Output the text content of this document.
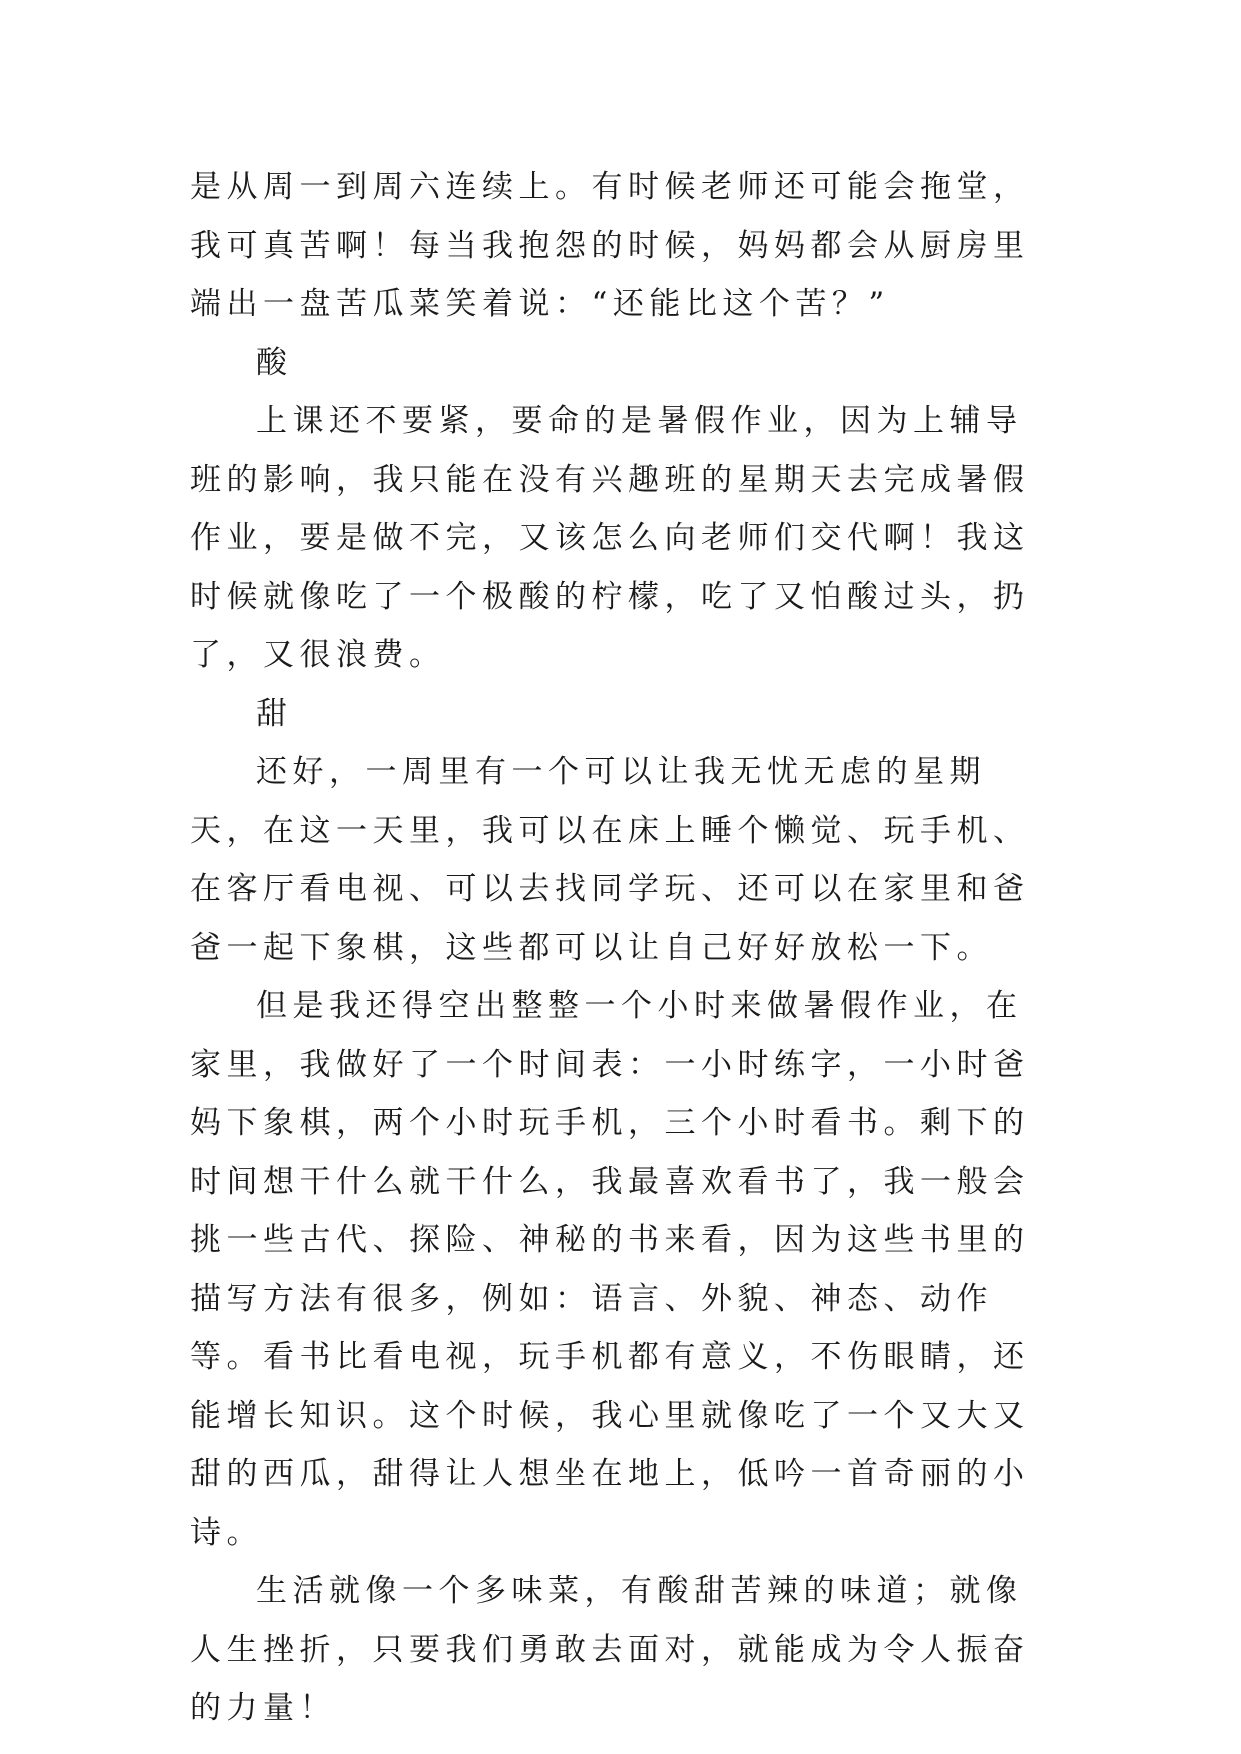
是从周一到周六连续上。有时候老师还可能会拖堂，我可真苦啊！每当我抱怨的时候，妈妈都会从厨房里端出一盘苦瓜菜笑着说：“还能比这个苦？”

酸

上课还不要紧，要命的是暑假作业，因为上辅导班的影响，我只能在没有兴趣班的星期天去完成暑假作业，要是做不完，又该怎么向老师们交代啊！我这时候就像吃了一个极酸的柠檬，吃了又怕酸过头，扔了，又很浪费。

甜

还好，一周里有一个可以让我无忧无虑的星期天，在这一天里，我可以在床上睡个懒觉、玩手机、在客厅看电视、可以去找同学玩、还可以在家里和爸爸一起下象棋，这些都可以让自己好好放松一下。

但是我还得空出整整一个小时来做暑假作业，在家里，我做好了一个时间表：一小时练字，一小时爸妈下象棋，两个小时玩手机，三个小时看书。剩下的时间想干什么就干什么，我最喜欢看书了，我一般会挑一些古代、探险、神秘的书来看，因为这些书里的描写方法有很多，例如：语言、外貌、神态、动作等。看书比看电视，玩手机都有意义，不伤眼睛，还能增长知识。这个时候，我心里就像吃了一个又大又甜的西瓜，甜得让人想坐在地上，低吟一首奇丽的小诗。

生活就像一个多味菜，有酸甜苦辣的味道；就像人生挫折，只要我们勇敢去面对，就能成为令人振奋的力量！
